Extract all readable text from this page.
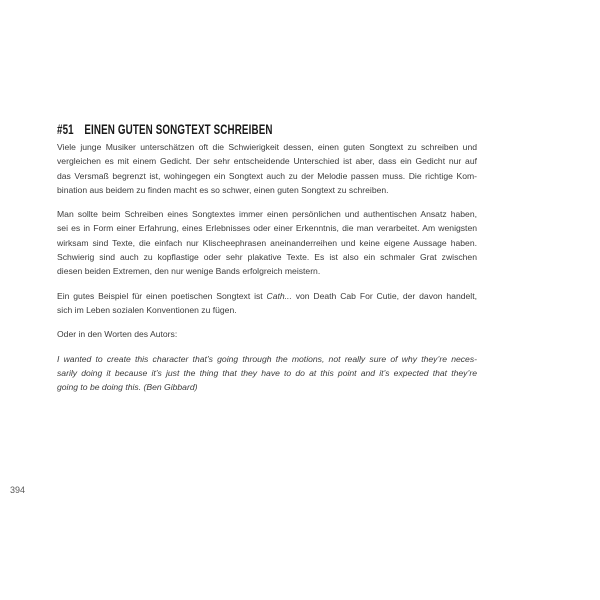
#51 EINEN GUTEN SONGTEXT SCHREIBEN
Viele junge Musiker unterschätzen oft die Schwierigkeit dessen, einen guten Songtext zu schreiben und
vergleichen es mit einem Gedicht. Der sehr entscheidende Unterschied ist aber, dass ein Gedicht nur auf
das Versmaß begrenzt ist, wohingegen ein Songtext auch zu der Melodie passen muss. Die richtige Kom-
bination aus beidem zu finden macht es so schwer, einen guten Songtext zu schreiben.
Man sollte beim Schreiben eines Songtextes immer einen persönlichen und authentischen Ansatz haben,
sei es in Form einer Erfahrung, eines Erlebnisses oder einer Erkenntnis, die man verarbeitet. Am wenigsten
wirksam sind Texte, die einfach nur Klischeephrasen aneinanderreihen und keine eigene Aussage haben.
Schwierig sind auch zu kopflastige oder sehr plakative Texte. Es ist also ein schmaler Grat zwischen
diesen beiden Extremen, den nur wenige Bands erfolgreich meistern.
Ein gutes Beispiel für einen poetischen Songtext ist Cath... von Death Cab For Cutie, der davon handelt,
sich im Leben sozialen Konventionen zu fügen.
Oder in den Worten des Autors:
I wanted to create this character that’s going through the motions, not really sure of why they’re neces-
sarily doing it because it’s just the thing that they have to do at this point and it’s expected that they’re
going to be doing this. (Ben Gibbard)
394
